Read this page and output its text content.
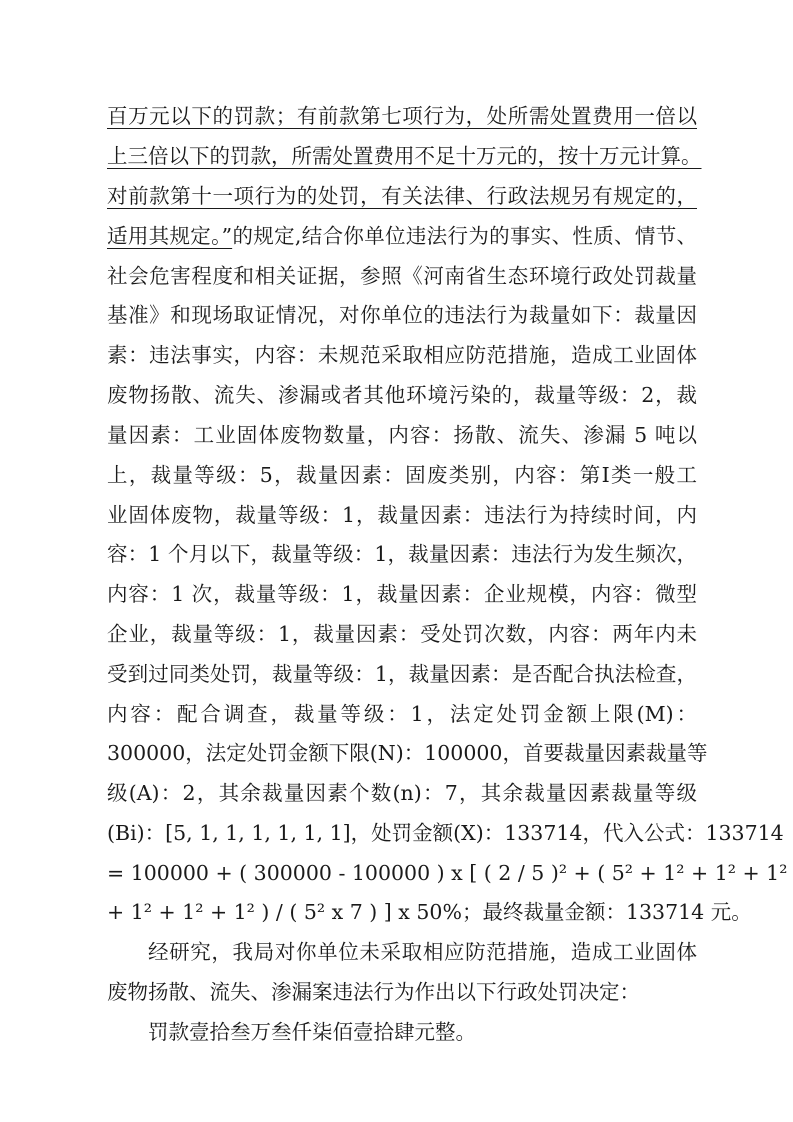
百万元以下的罚款；有前款第七项行为，处所需处置费用一倍以
上三倍以下的罚款，所需处置费用不足十万元的，按十万元计算。
对前款第十一项行为的处罚，有关法律、行政法规另有规定的，
适用其规定。”的规定,结合你单位违法行为的事实、性质、情节、
社会危害程度和相关证据，参照《河南省生态环境行政处罚裁量
基准》和现场取证情况，对你单位的违法行为裁量如下：裁量因
素：违法事实，内容：未规范采取相应防范措施，造成工业固体
废物扬散、流失、渗漏或者其他环境污染的，裁量等级：2，裁
量因素：工业固体废物数量，内容：扬散、流失、渗漏 5 吨以
上，裁量等级：5，裁量因素：固废类别，内容：第Ⅰ类一般工
业固体废物，裁量等级：1，裁量因素：违法行为持续时间，内
容：1 个月以下，裁量等级：1，裁量因素：违法行为发生频次，
内容：1 次，裁量等级：1，裁量因素：企业规模，内容：微型
企业，裁量等级：1，裁量因素：受处罚次数，内容：两年内未
受到过同类处罚，裁量等级：1，裁量因素：是否配合执法检查，
内容：配合调查，裁量等级：1，法定处罚金额上限(M)：
300000，法定处罚金额下限(N)：100000，首要裁量因素裁量等
级(A)：2，其余裁量因素个数(n)：7，其余裁量因素裁量等级
(Bi)：[5, 1, 1, 1, 1, 1, 1]，处罚金额(X)：133714，代入公式：133714
= 100000 + ( 300000 - 100000 ) x [ ( 2 / 5 )² + ( 5² + 1² + 1² + 1²
+ 1² + 1² + 1² ) / ( 5² x 7 ) ] x 50%；最终裁量金额：133714 元。
经研究，我局对你单位未采取相应防范措施，造成工业固体
废物扬散、流失、渗漏案违法行为作出以下行政处罚决定：
罚款壹拾叁万叁仟柒佰壹拾肆元整。
